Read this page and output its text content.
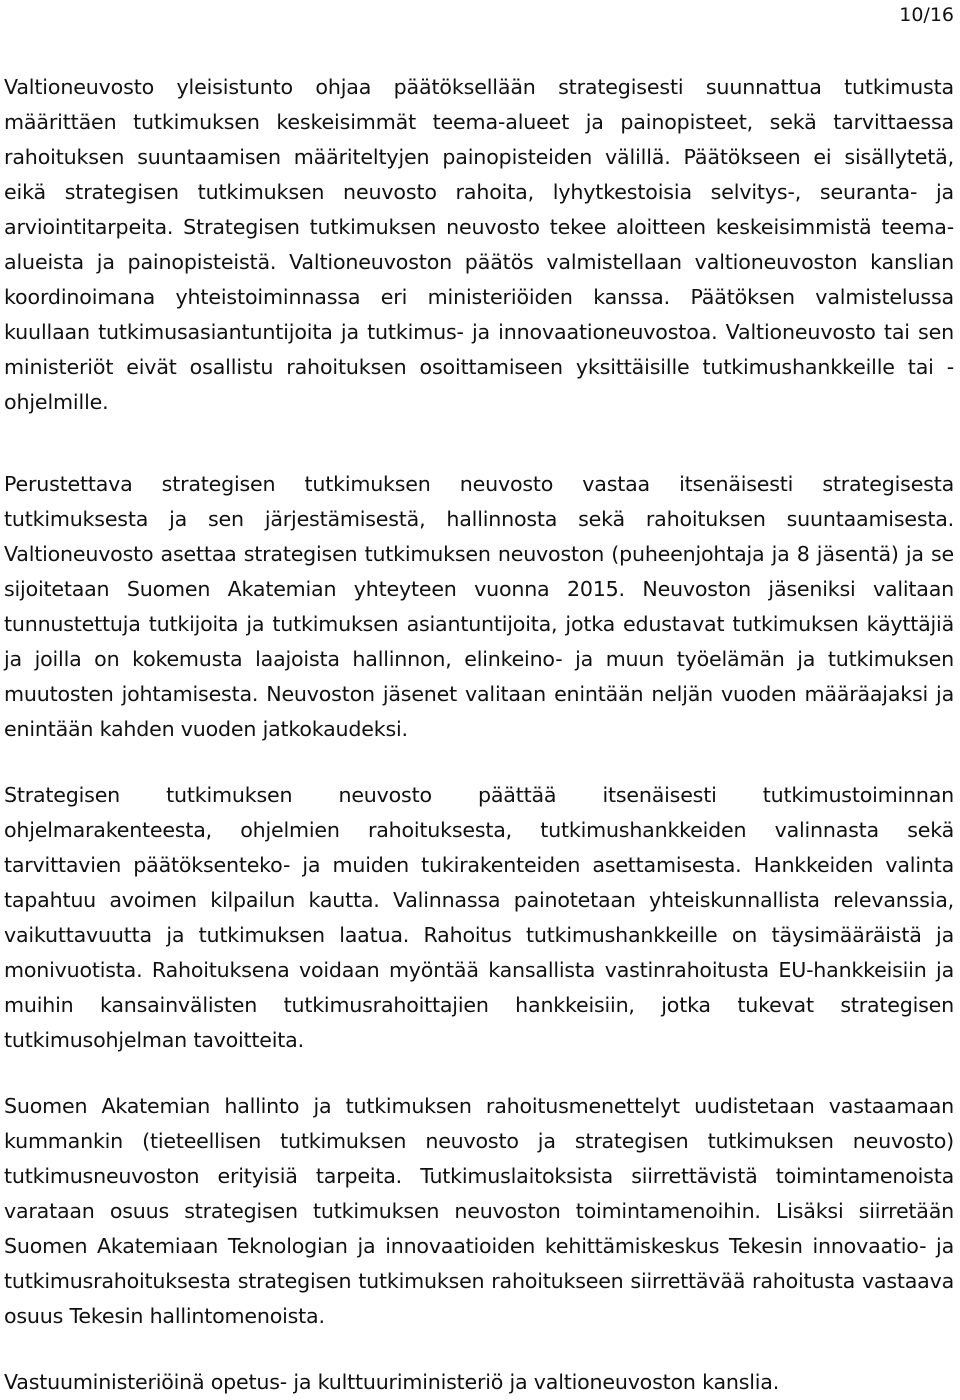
10/16

Valtioneuvosto yleisistunto ohjaa päätöksellään strategisesti suunnattua tutkimusta määrittäen tutkimuksen keskeisimmät teema-alueet ja painopisteet, sekä tarvittaessa rahoituksen suuntaamisen määriteltyjen painopisteiden välillä. Päätökseen ei sisällytetä, eikä strategisen tutkimuksen neuvosto rahoita, lyhytkestoisia selvitys-, seuranta- ja arviointitarpeita. Strategisen tutkimuksen neuvosto tekee aloitteen keskeisimmistä teema-alueista ja painopisteistä. Valtioneuvoston päätös valmistellaan valtioneuvoston kanslian koordinoimana yhteistoiminnassa eri ministeriöiden kanssa. Päätöksen valmistelussa kuullaan tutkimusasiantuntijoita ja tutkimus- ja innovaationeuvostoa. Valtioneuvosto tai sen ministeriöt eivät osallistu rahoituksen osoittamiseen yksittäisille tutkimushankkeille tai -ohjelmille.

Perustettava strategisen tutkimuksen neuvosto vastaa itsenäisesti strategisesta tutkimuksesta ja sen järjestämisestä, hallinnosta sekä rahoituksen suuntaamisesta. Valtioneuvosto asettaa strategisen tutkimuksen neuvoston (puheenjohtaja ja 8 jäsentä) ja se sijoitetaan Suomen Akatemian yhteyteen vuonna 2015. Neuvoston jäseniksi valitaan tunnustettuja tutkijoita ja tutkimuksen asiantuntijoita, jotka edustavat tutkimuksen käyttäjiä ja joilla on kokemusta laajoista hallinnon, elinkeino- ja muun työelämän ja tutkimuksen muutosten johtamisesta. Neuvoston jäsenet valitaan enintään neljän vuoden määräajaksi ja enintään kahden vuoden jatkokaudeksi.

Strategisen tutkimuksen neuvosto päättää itsenäisesti tutkimustoiminnan ohjelmarakenteesta, ohjelmien rahoituksesta, tutkimushankkeiden valinnasta sekä tarvittavien päätöksenteko- ja muiden tukirakenteiden asettamisesta. Hankkeiden valinta tapahtuu avoimen kilpailun kautta. Valinnassa painotetaan yhteiskunnallista relevanssia, vaikuttavuutta ja tutkimuksen laatua. Rahoitus tutkimushankkeille on täysimääräistä ja monivuotista. Rahoituksena voidaan myöntää kansallista vastinrahoitusta EU-hankkeisiin ja muihin kansainvälisten tutkimusrahoittajien hankkeisiin, jotka tukevat strategisen tutkimusohjelman tavoitteita.

Suomen Akatemian hallinto ja tutkimuksen rahoitusmenettelyt uudistetaan vastaamaan kummankin (tieteellisen tutkimuksen neuvosto ja strategisen tutkimuksen neuvosto) tutkimusneuvoston erityisiä tarpeita. Tutkimuslaitoksista siirrettävistä toimintamenoista varataan osuus strategisen tutkimuksen neuvoston toimintamenoihin. Lisäksi siirretään Suomen Akatemiaan Teknologian ja innovaatioiden kehittämiskeskus Tekesin innovaatio- ja tutkimusrahoituksesta strategisen tutkimuksen rahoitukseen siirrettävää rahoitusta vastaava osuus Tekesin hallintomenoista.

Vastuuministeriöinä opetus- ja kulttuuriministeriö ja valtioneuvoston kanslia.
